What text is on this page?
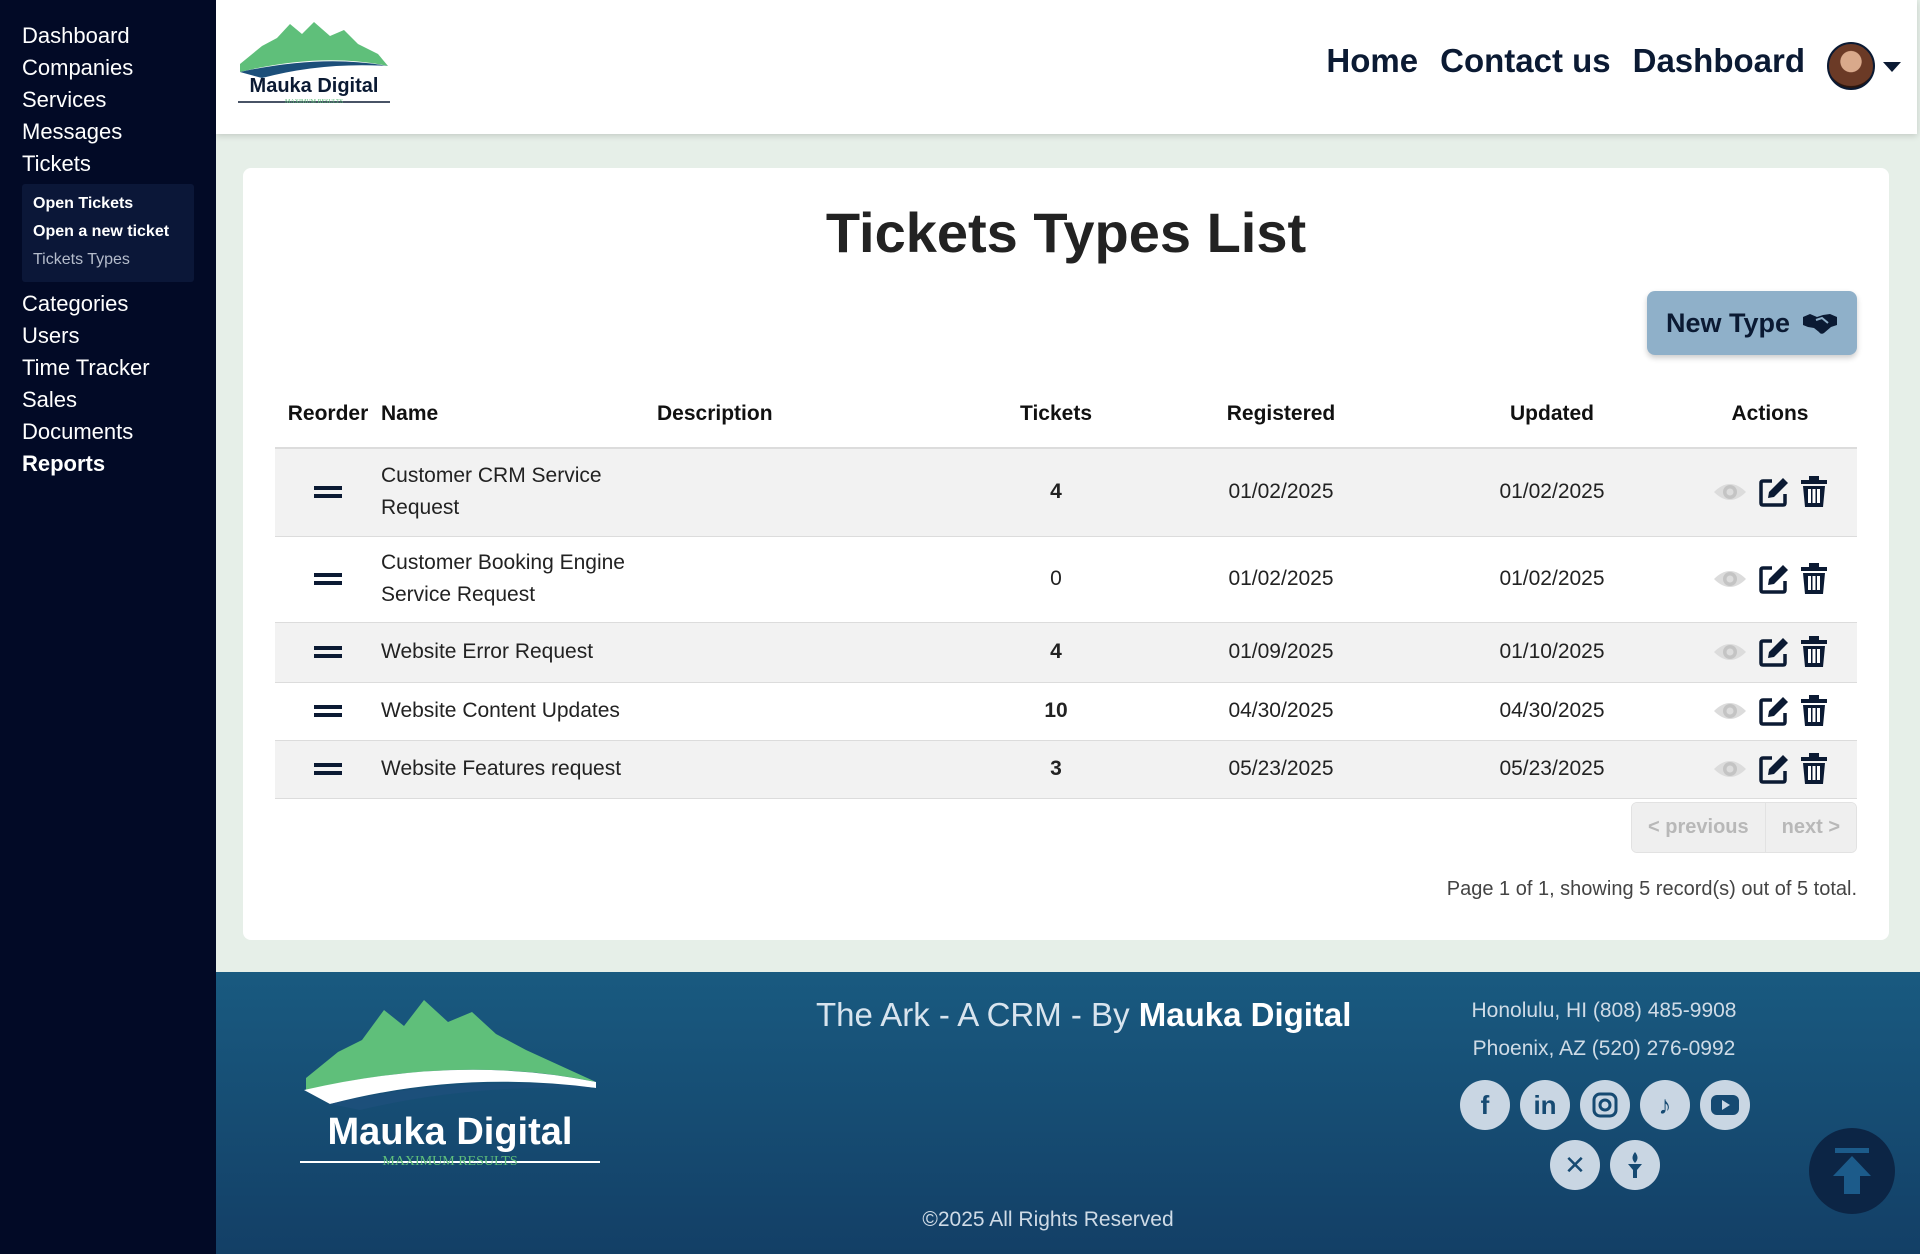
Dashboard
Companies
Services
Messages
Tickets
Open Tickets
Open a new ticket
Tickets Types
Categories
Users
Time Tracker
Sales
Documents
Reports
Mauka Digital
MAXIMUM RESULTS
Home Contact us Dashboard
Tickets Types List
New Type
Reorder	Name	Description	Tickets	Registered	Updated	Actions
	Customer CRM Service
Request		4	01/02/2025	01/02/2025	

	Customer Booking Engine
Service Request		0	01/02/2025	01/02/2025	

	Website Error Request		4	01/09/2025	01/10/2025	

	Website Content Updates		10	04/30/2025	04/30/2025	

	Website Features request		3	05/23/2025	05/23/2025	
< previous	next >
Page 1 of 1, showing 5 record(s) out of 5 total.
Mauka Digital
MAXIMUM RESULTS
The Ark - A CRM - By Mauka Digital	Honolulu, HI (808) 485-9908
Phoenix, AZ (520) 276-0992
f	in	♪
✕
©2025 All Rights Reserved
